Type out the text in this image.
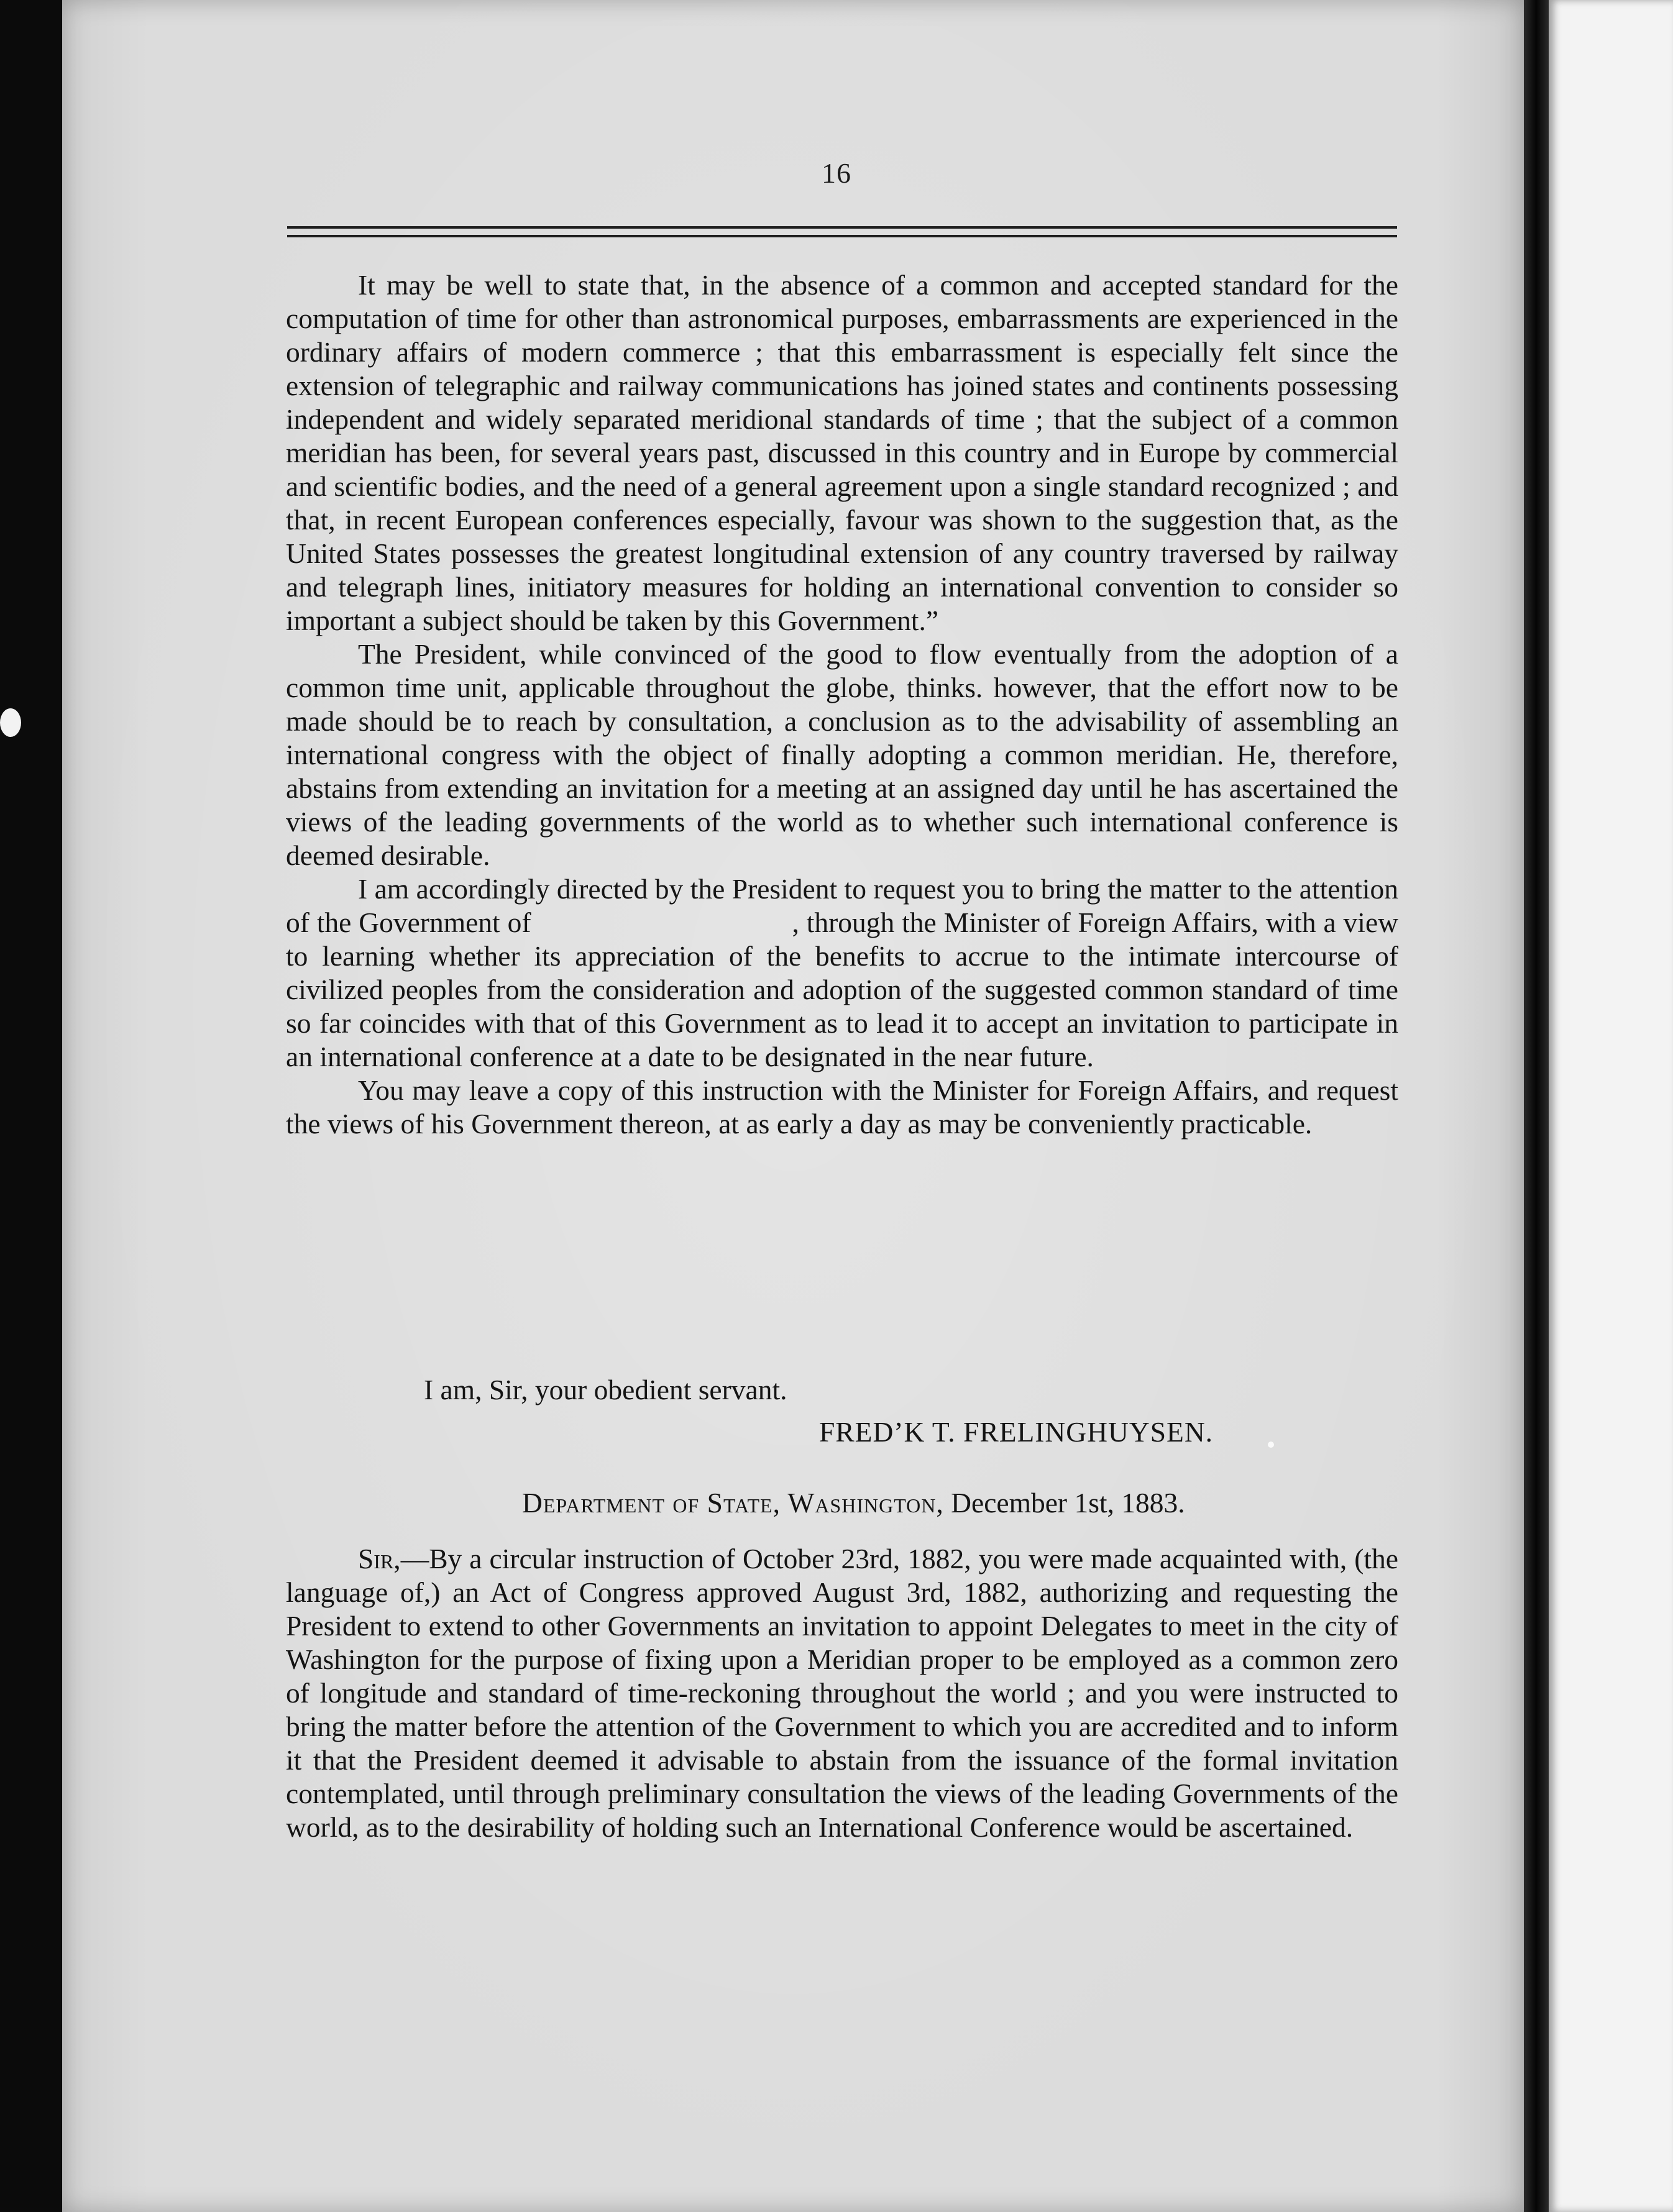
16

It may be well to state that, in the absence of a common and accepted standard for the computation of time for other than astronomical purposes, embarrassments are experienced in the ordinary affairs of modern commerce ; that this embarrassment is especially felt since the extension of telegraphic and railway communications has joined states and continents possessing independent and widely separated meridional standards of time ; that the subject of a common meridian has been, for several years past, discussed in this country and in Europe by commercial and scientific bodies, and the need of a general agreement upon a single standard recognized ; and that, in recent European conferences especially, favour was shown to the suggestion that, as the United States possesses the greatest longitudinal extension of any country traversed by railway and telegraph lines, initiatory measures for holding an international convention to consider so important a subject should be taken by this Government.”

The President, while convinced of the good to flow eventually from the adoption of a common time unit, applicable throughout the globe, thinks. however, that the effort now to be made should be to reach by consultation, a conclusion as to the advisability of assembling an international congress with the object of finally adopting a common meridian. He, therefore, abstains from extending an invitation for a meeting at an assigned day until he has ascertained the views of the leading governments of the world as to whether such international conference is deemed desirable.

I am accordingly directed by the President to request you to bring the matter to the attention of the Government of	, through the Minister of Foreign Affairs, with a view to learning whether its appreciation of the benefits to accrue to the intimate intercourse of civilized peoples from the consideration and adoption of the suggested common standard of time so far coincides with that of this Government as to lead it to accept an invitation to participate in an international conference at a date to be designated in the near future.

You may leave a copy of this instruction with the Minister for Foreign Affairs, and request the views of his Government thereon, at as early a day as may be conveniently practicable.

I am, Sir, your obedient servant.
FRED’K T. FRELINGHUYSEN.
Department of State, Washington, December 1st, 1883.

Sir,—By a circular instruction of October 23rd, 1882, you were made acquainted with, (the language of,) an Act of Congress approved August 3rd, 1882, authorizing and requesting the President to extend to other Governments an invitation to appoint Delegates to meet in the city of Washington for the purpose of fixing upon a Meridian proper to be employed as a common zero of longitude and standard of time-reckoning throughout the world ; and you were instructed to bring the matter before the attention of the Government to which you are accredited and to inform it that the President deemed it advisable to abstain from the issuance of the formal invitation contemplated, until through preliminary consultation the views of the leading Governments of the world, as to the desirability of holding such an International Conference would be ascertained.
